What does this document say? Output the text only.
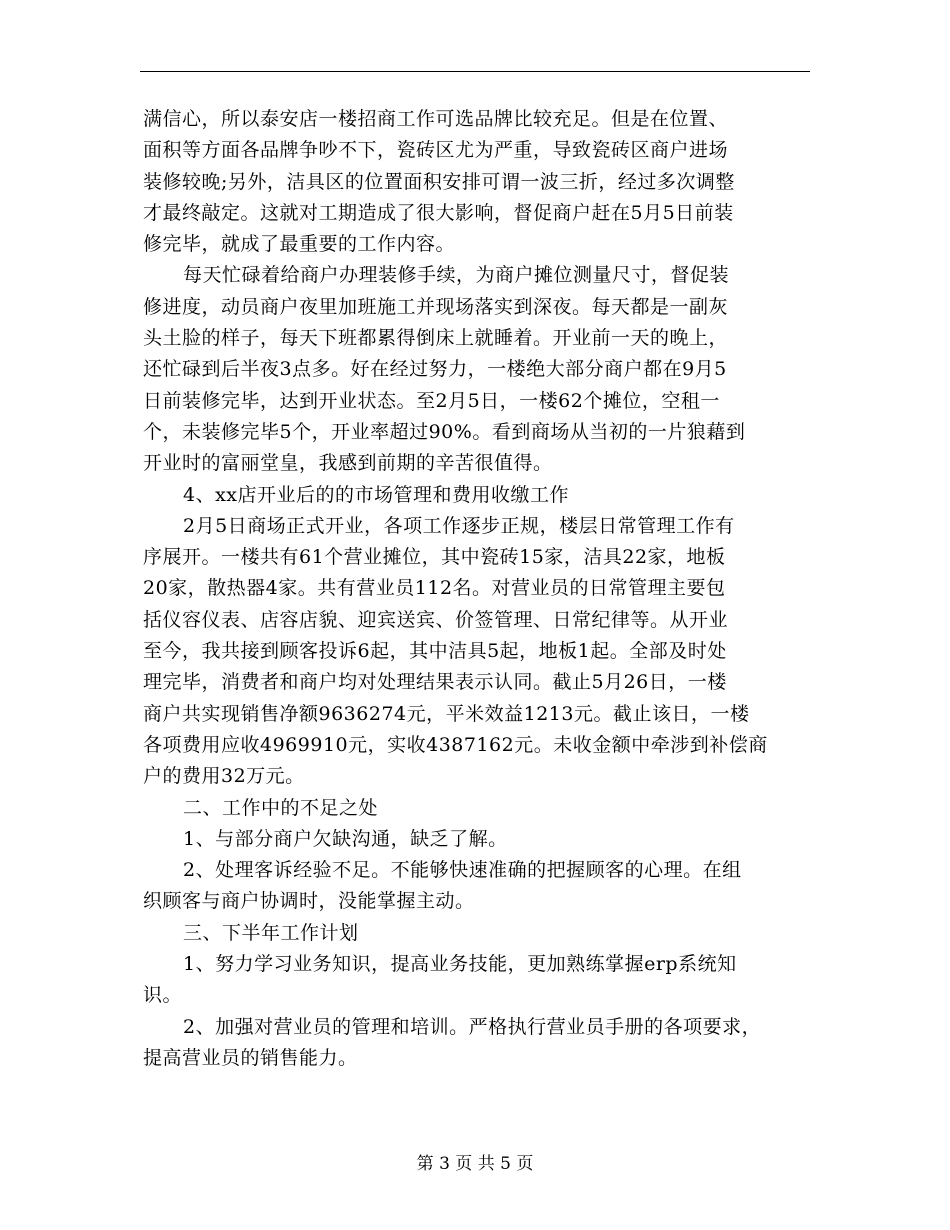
满信心，所以泰安店一楼招商工作可选品牌比较充足。但是在位置、
面积等方面各品牌争吵不下，瓷砖区尤为严重，导致瓷砖区商户进场
装修较晚;另外，洁具区的位置面积安排可谓一波三折，经过多次调整
才最终敲定。这就对工期造成了很大影响，督促商户赶在5月5日前装
修完毕，就成了最重要的工作内容。
每天忙碌着给商户办理装修手续，为商户摊位测量尺寸，督促装
修进度，动员商户夜里加班施工并现场落实到深夜。每天都是一副灰
头土脸的样子，每天下班都累得倒床上就睡着。开业前一天的晚上，
还忙碌到后半夜3点多。好在经过努力，一楼绝大部分商户都在9月5
日前装修完毕，达到开业状态。至2月5日，一楼62个摊位，空租一
个，未装修完毕5个，开业率超过90%。看到商场从当初的一片狼藉到
开业时的富丽堂皇，我感到前期的辛苦很值得。
4、xx店开业后的的市场管理和费用收缴工作
2月5日商场正式开业，各项工作逐步正规，楼层日常管理工作有
序展开。一楼共有61个营业摊位，其中瓷砖15家，洁具22家，地板
20家，散热器4家。共有营业员112名。对营业员的日常管理主要包
括仪容仪表、店容店貌、迎宾送宾、价签管理、日常纪律等。从开业
至今，我共接到顾客投诉6起，其中洁具5起，地板1起。全部及时处
理完毕，消费者和商户均对处理结果表示认同。截止5月26日，一楼
商户共实现销售净额9636274元，平米效益1213元。截止该日，一楼
各项费用应收4969910元，实收4387162元。未收金额中牵涉到补偿商
户的费用32万元。
二、工作中的不足之处
1、与部分商户欠缺沟通，缺乏了解。
2、处理客诉经验不足。不能够快速准确的把握顾客的心理。在组
织顾客与商户协调时，没能掌握主动。
三、下半年工作计划
1、努力学习业务知识，提高业务技能，更加熟练掌握erp系统知
识。
2、加强对营业员的管理和培训。严格执行营业员手册的各项要求，
提高营业员的销售能力。
第 3 页 共 5 页
